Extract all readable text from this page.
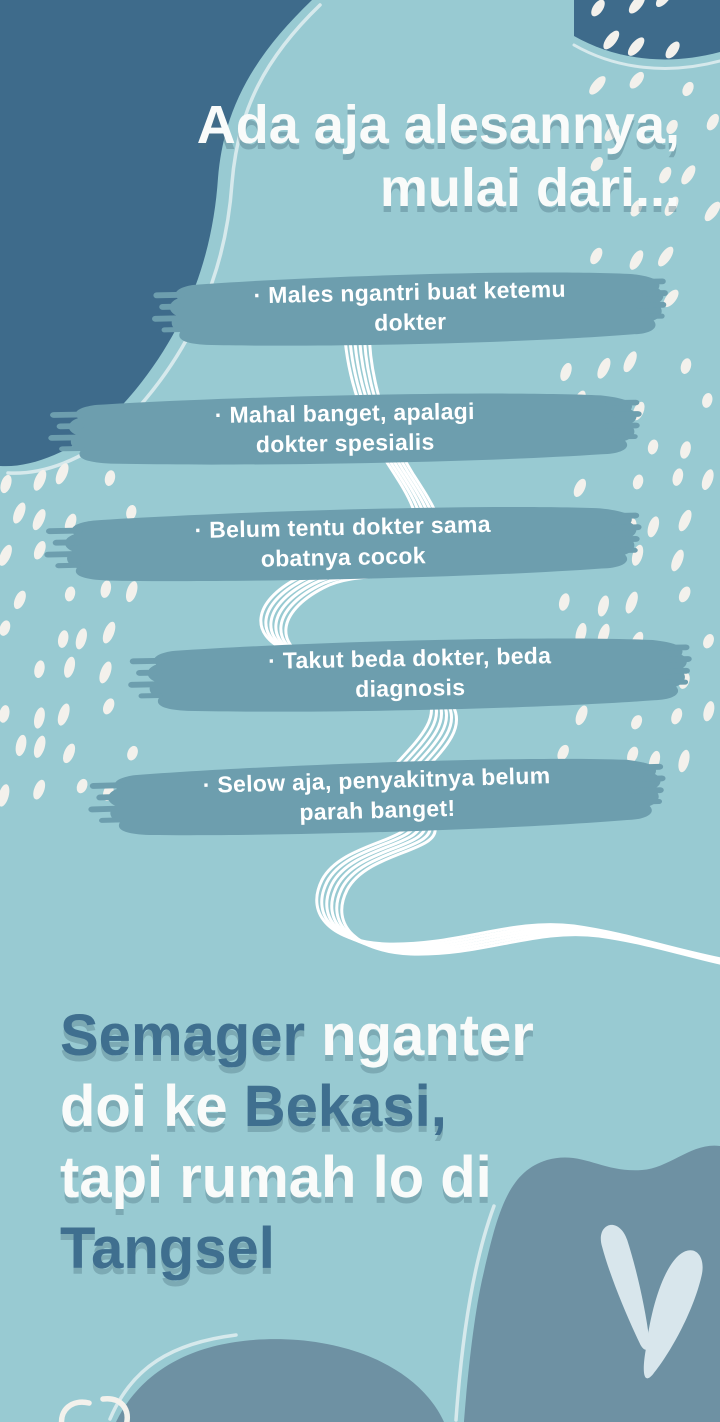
Ada aja alesannya,
mulai dari...
· Males ngantri buat ketemu
dokter
· Mahal banget, apalagi
dokter spesialis
· Belum tentu dokter sama
obatnya cocok
· Takut beda dokter, beda
diagnosis
· Selow aja, penyakitnya belum
parah banget!
Semager nganter
doi ke Bekasi,
tapi rumah lo di
Tangsel
